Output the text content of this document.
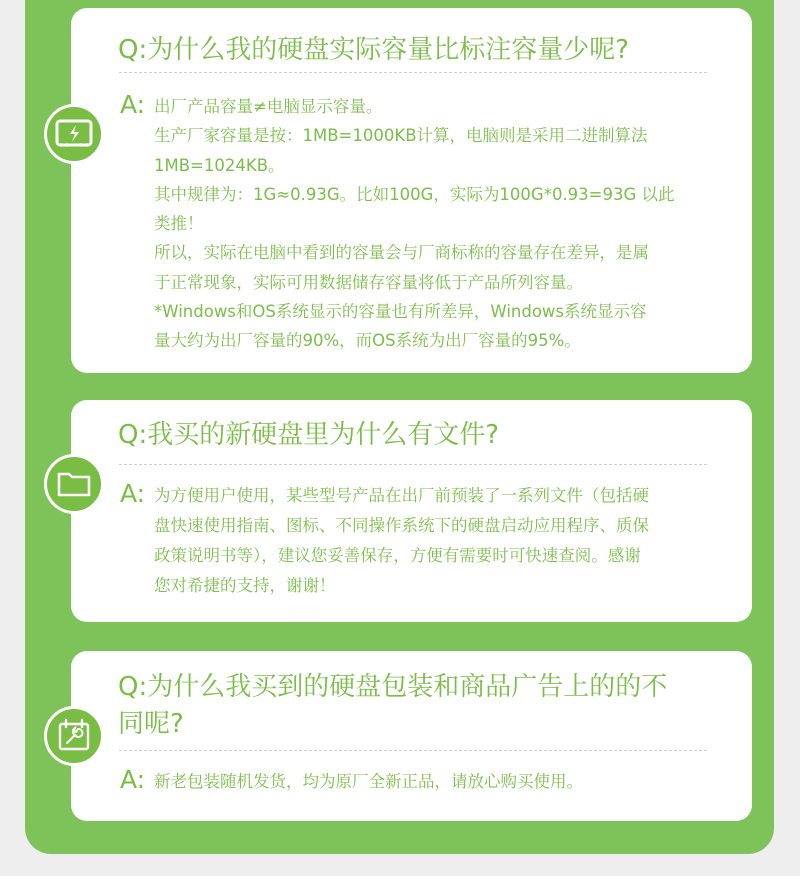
Q:为什么我的硬盘实际容量比标注容量少呢?
A: 出厂产品容量≠电脑显示容量。

生产厂家容量是按：1MB=1000KB计算，电脑则是采用二进制算法

1MB=1024KB。

其中规律为：1G≈0.93G。比如100G，实际为100G*0.93=93G 以此

类推！

所以，实际在电脑中看到的容量会与厂商标称的容量存在差异，是属

于正常现象，实际可用数据储存容量将低于产品所列容量。

*Windows和OS系统显示的容量也有所差异，Windows系统显示容

量大约为出厂容量的90%，而OS系统为出厂容量的95%。

Q:我买的新硬盘里为什么有文件?
A: 为方便用户使用，某些型号产品在出厂前预装了一系列文件（包括硬

盘快速使用指南、图标、不同操作系统下的硬盘启动应用程序、质保

政策说明书等），建议您妥善保存，方便有需要时可快速查阅。感谢

您对希捷的支持，谢谢！

Q:为什么我买到的硬盘包装和商品广告上的的不
同呢?
A: 新老包装随机发货，均为原厂全新正品，请放心购买使用。
